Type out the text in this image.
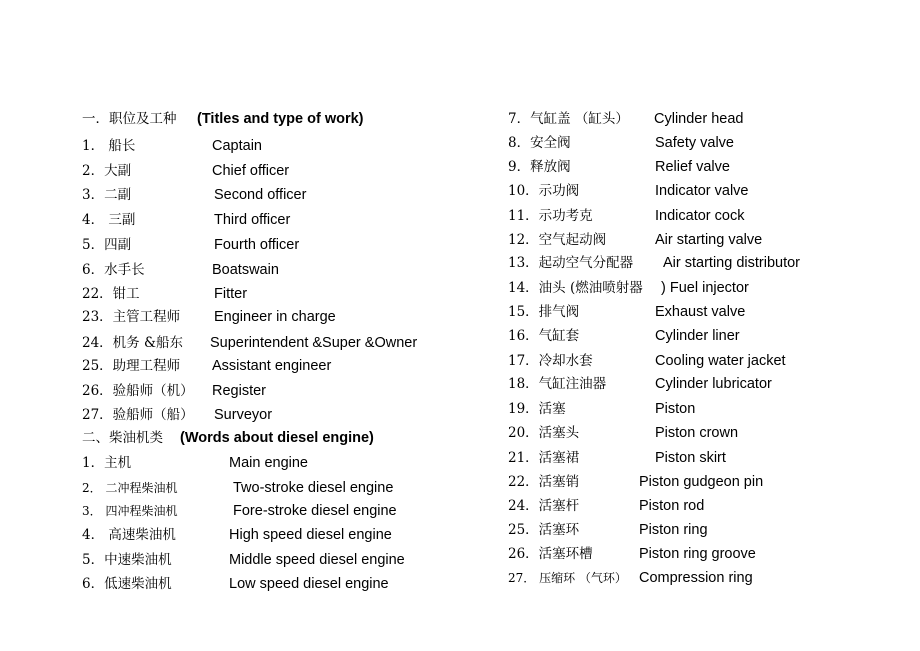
一．职位及工种 (Titles and type of work)
1． 船长	Captain
2．大副	Chief officer
3．二副	Second officer
4． 三副	Third officer
5．四副	Fourth officer
6．水手长	Boatswain
22．钳工	Fitter
23．主管工程师 Engineer in charge
24．机务 &船东 Superintendent &Super &Owner
25．助理工程师 Assistant engineer
26．验船师（机） Register
27．验船师（船） Surveyor
二、柴油机类 (Words about diesel engine)
1．主机	Main engine
2． 二冲程柴油机	Two-stroke diesel engine
3． 四冲程柴油机	Fore-stroke diesel engine
4． 高速柴油机	High speed diesel engine
5．中速柴油机	Middle speed diesel engine
6．低速柴油机	Low speed diesel engine
7．气缸盖 （缸头） Cylinder head
8．安全阀	Safety valve
9．释放阀	Relief valve
10．示功阀	Indicator valve
11．示功考克	Indicator cock
12．空气起动阀	Air starting valve
13．起动空气分配器 Air starting distributor
14．油头 (燃油喷射器 ) Fuel injector
15．排气阀	Exhaust valve
16．气缸套	Cylinder liner
17．冷却水套	Cooling water jacket
18．气缸注油器	Cylinder lubricator
19．活塞	Piston
20．活塞头	Piston crown
21．活塞裙	Piston skirt
22．活塞销	Piston gudgeon pin
24．活塞杆	Piston rod
25．活塞环	Piston ring
26．活塞环槽	Piston ring groove
27． 压缩环 （气环） Compression ring
